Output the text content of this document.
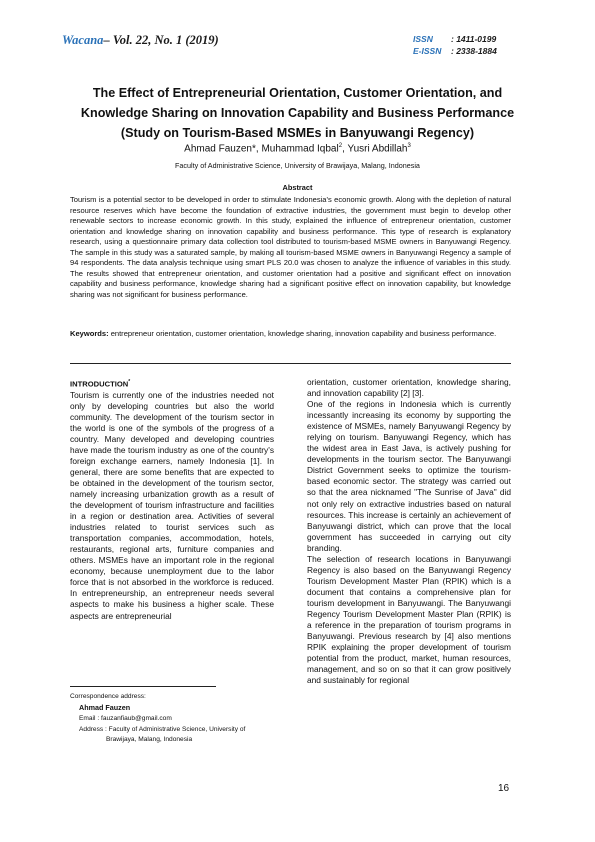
Wacana– Vol. 22, No. 1 (2019)	ISSN : 1411-0199
E-ISSN : 2338-1884
The Effect of Entrepreneurial Orientation, Customer Orientation, and
Knowledge Sharing on Innovation Capability and Business Performance
(Study on Tourism-Based MSMEs in Banyuwangi Regency)
Ahmad Fauzen*, Muhammad Iqbal$^2$, Yusri Abdillah$^3$
Faculty of Administrative Science, University of Brawijaya, Malang, Indonesia
Abstract
Tourism is a potential sector to be developed in order to stimulate Indonesia's economic growth. Along with the depletion of natural resource reserves which have become the foundation of extractive industries, the government must begin to develop other renewable sectors to increase economic growth. In this study, explained the influence of entrepreneur orientation, customer orientation and knowledge sharing on innovation capability and business performance. This type of research is explanatory research, using a questionnaire primary data collection tool distributed to tourism-based MSME owners in Banyuwangi Regency. The sample in this study was a saturated sample, by making all tourism-based MSME owners in Banyuwangi Regency a sample of 94 respondents. The data analysis technique using smart PLS 20.0 was chosen to analyze the influence of variables in this study. The results showed that entrepreneur orientation, and customer orientation had a positive and significant effect on innovation capability and business performance, knowledge sharing had a significant positive effect on innovation capability, but knowledge sharing was not significant for business performance.
Keywords: entrepreneur orientation, customer orientation, knowledge sharing, innovation capability and business performance.
INTRODUCTION*

Tourism is currently one of the industries needed not only by developing countries but also the world community. The development of the tourism sector in the world is one of the symbols of the progress of a country. Many developed and developing countries have made the tourism industry as one of the country's foreign exchange earners, namely Indonesia [1]. In general, there are some benefits that are expected to be obtained in the development of the tourism sector, namely increasing urbanization growth as a result of the development of tourism infrastructure and facilities in a region or destination area. Activities of several industries related to tourist services such as transportation companies, accommodation, hotels, restaurants, regional arts, furniture companies and others. MSMEs have an important role in the regional economy, because unemployment due to the labor force that is not absorbed in the workforce is reduced. In entrepreneurship, an entrepreneur needs several aspects to make his business a higher scale. These aspects are entrepreneurial

orientation, customer orientation, knowledge sharing, and innovation capability [2] [3].

One of the regions in Indonesia which is currently incessantly increasing its economy by supporting the existence of MSMEs, namely Banyuwangi Regency by relying on tourism. Banyuwangi Regency, which has the widest area in East Java, is actively pushing for developments in the tourism sector. The Banyuwangi District Government seeks to optimize the tourism-based economic sector. The strategy was carried out so that the area nicknamed "The Sunrise of Java" did not only rely on extractive industries based on natural resources. This increase is certainly an achievement of Banyuwangi district, which can prove that the local government has succeeded in carrying out city branding.

The selection of research locations in Banyuwangi Regency is also based on the Banyuwangi Regency Tourism Development Master Plan (RPIK) which is a document that contains a comprehensive plan for tourism development in Banyuwangi. The Banyuwangi Regency Tourism Development Master Plan (RPIK) is a reference in the preparation of tourism programs in Banyuwangi. Previous research by [4] also mentions RPIK explaining the proper development of tourism potential from the product, market, human resources, management, and so on so that it can grow positively and sustainably for regional

Correspondence address:
Ahmad Fauzen
Email : fauzanfiaub@gmail.com
Address : Faculty of Administrative Science, University of
Brawijaya, Malang, Indonesia
16
